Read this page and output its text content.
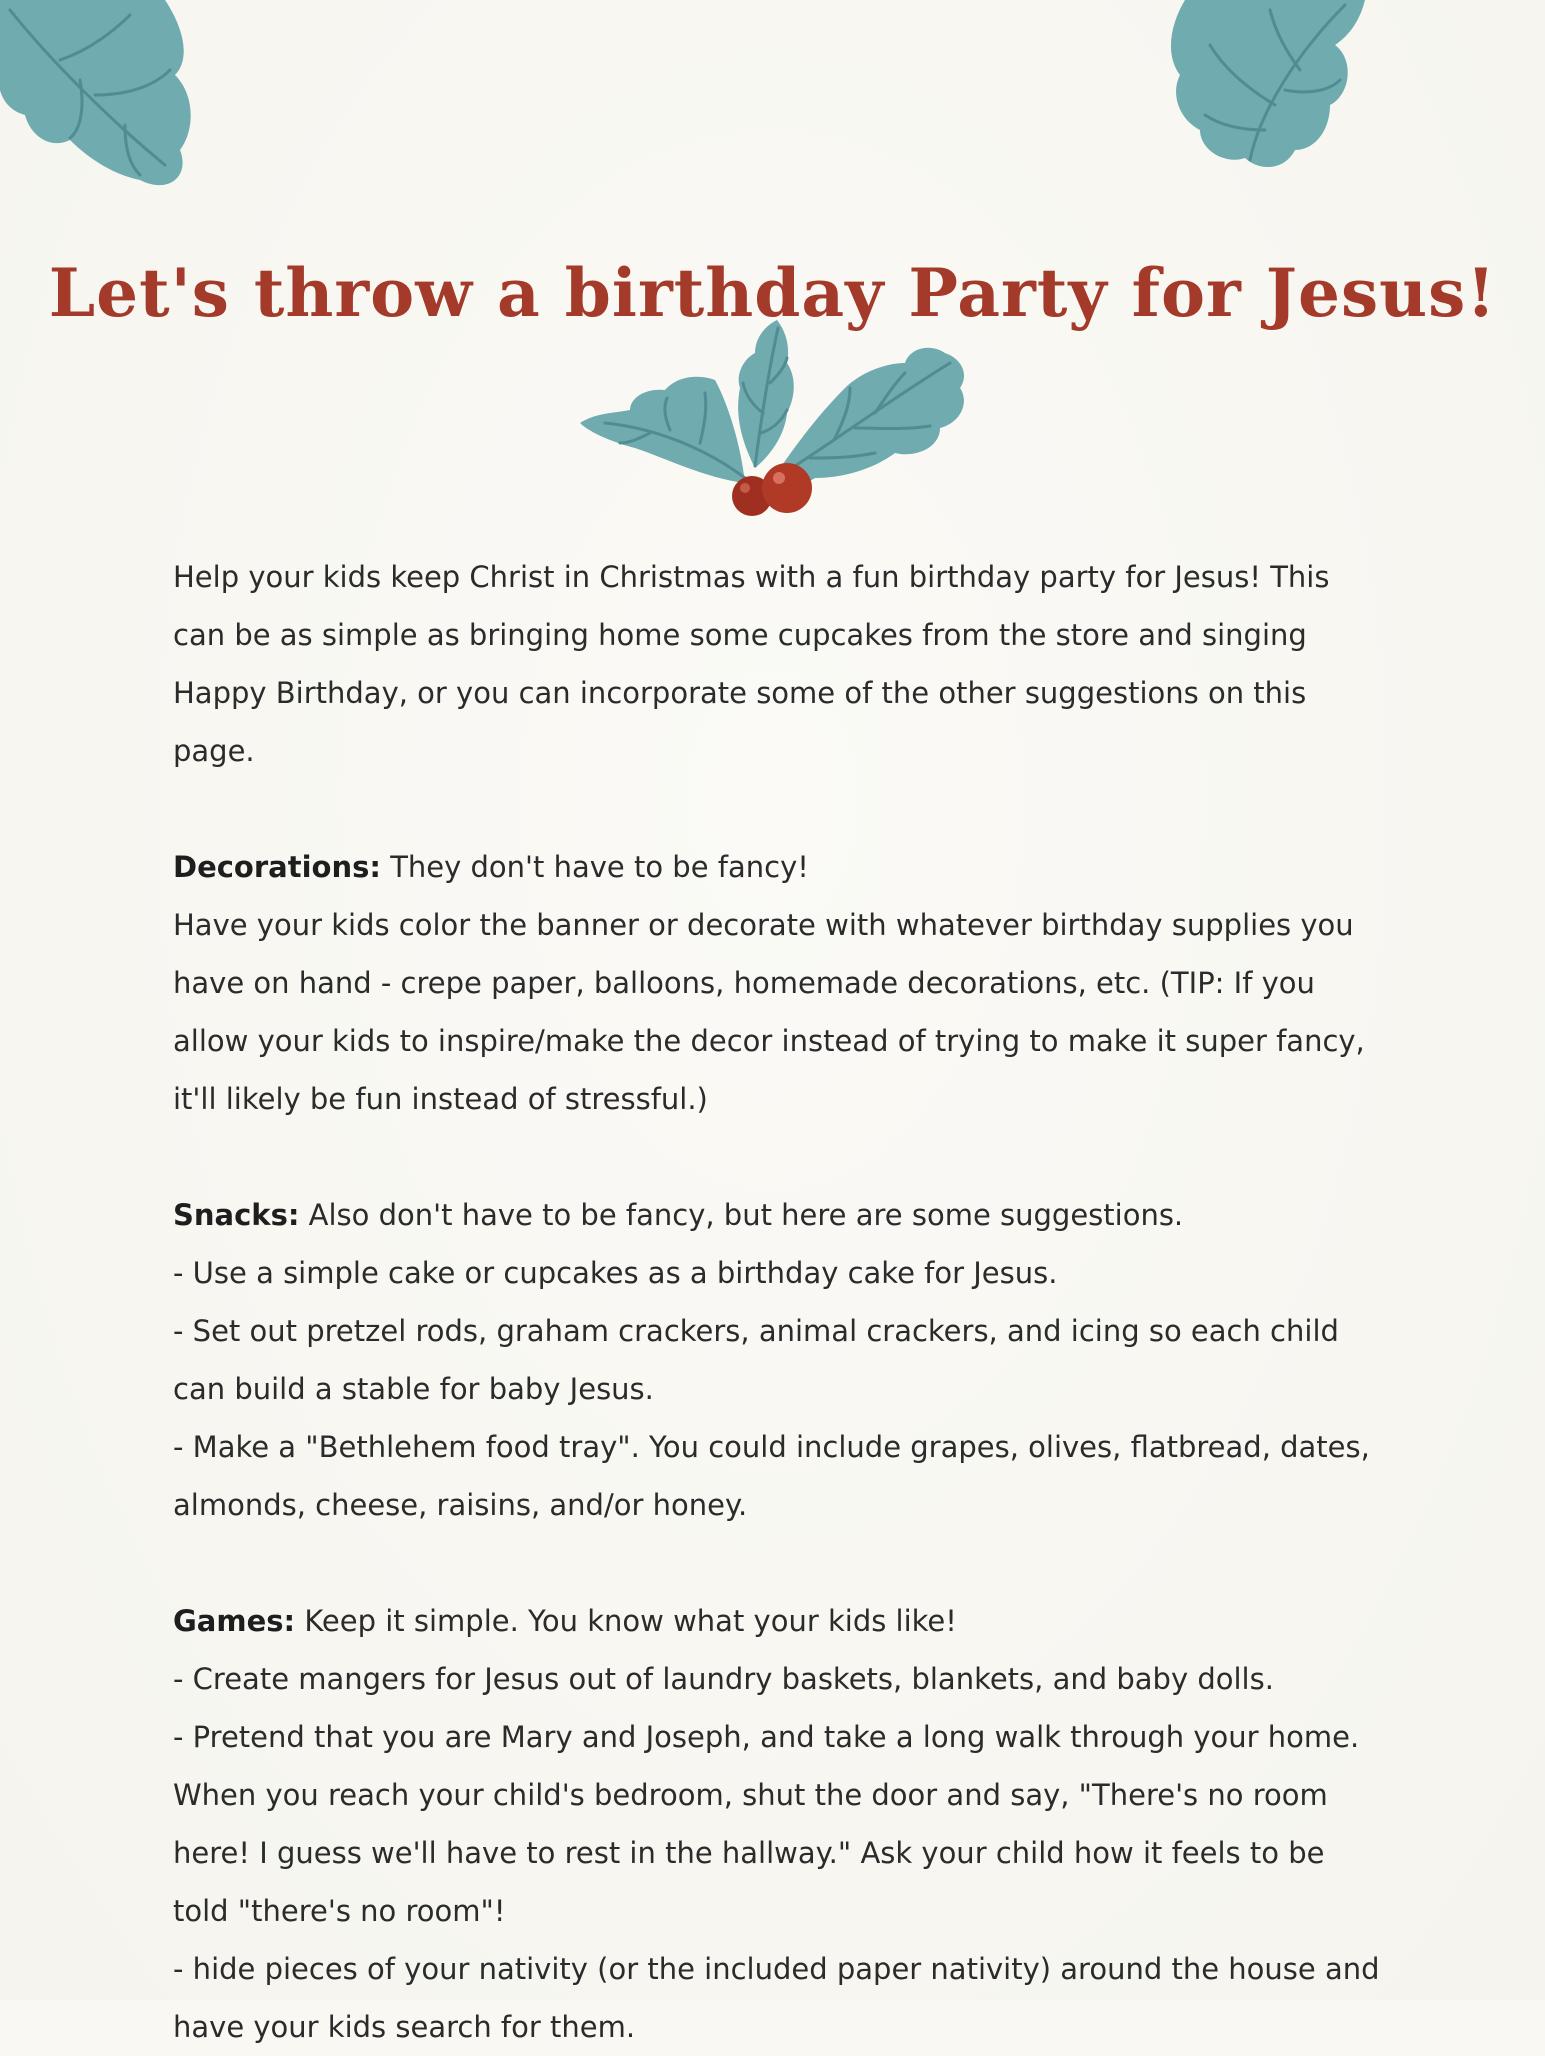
Let's throw a birthday Party for Jesus!

Help your kids keep Christ in Christmas with a fun birthday party for Jesus! This can be as simple as bringing home some cupcakes from the store and singing Happy Birthday, or you can incorporate some of the other suggestions on this page.

Decorations: They don't have to be fancy!

Have your kids color the banner or decorate with whatever birthday supplies you have on hand - crepe paper, balloons, homemade decorations, etc. (TIP: If you allow your kids to inspire/make the decor instead of trying to make it super fancy, it'll likely be fun instead of stressful.)

Snacks: Also don't have to be fancy, but here are some suggestions.

- Use a simple cake or cupcakes as a birthday cake for Jesus.

- Set out pretzel rods, graham crackers, animal crackers, and icing so each child can build a stable for baby Jesus.

- Make a "Bethlehem food tray". You could include grapes, olives, flatbread, dates, almonds, cheese, raisins, and/or honey.

Games: Keep it simple. You know what your kids like!

- Create mangers for Jesus out of laundry baskets, blankets, and baby dolls.

- Pretend that you are Mary and Joseph, and take a long walk through your home. When you reach your child's bedroom, shut the door and say, "There's no room here! I guess we'll have to rest in the hallway." Ask your child how it feels to be told "there's no room"!

- hide pieces of your nativity (or the included paper nativity) around the house and have your kids search for them.
